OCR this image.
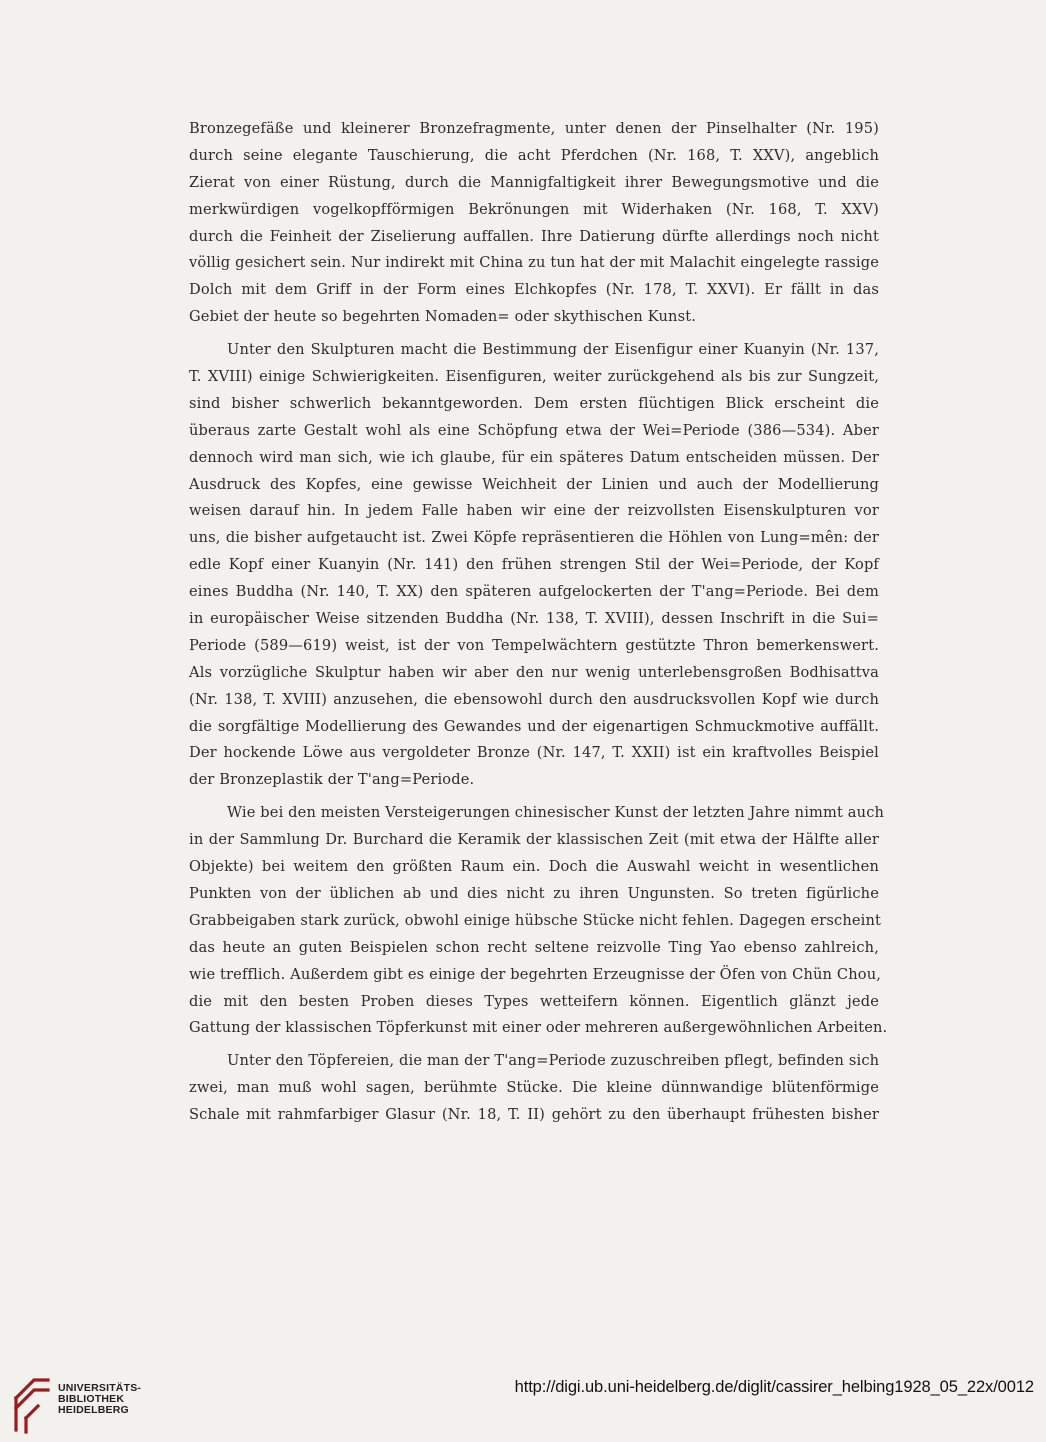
Bronzegefäße und kleinerer Bronzefragmente, unter denen der Pinselhalter (Nr. 195)
durch seine elegante Tauschierung, die acht Pferdchen (Nr. 168, T. XXV), angeblich
Zierat von einer Rüstung, durch die Mannigfaltigkeit ihrer Bewegungsmotive und die
merkwürdigen vogelkopfförmigen Bekrönungen mit Widerhaken (Nr. 168, T. XXV)
durch die Feinheit der Ziselierung auffallen. Ihre Datierung dürfte allerdings noch nicht
völlig gesichert sein. Nur indirekt mit China zu tun hat der mit Malachit eingelegte rassige
Dolch mit dem Griff in der Form eines Elchkopfes (Nr. 178, T. XXVI). Er fällt in das
Gebiet der heute so begehrten Nomaden= oder skythischen Kunst.
Unter den Skulpturen macht die Bestimmung der Eisenfigur einer Kuanyin (Nr. 137,
T. XVIII) einige Schwierigkeiten. Eisenfiguren, weiter zurückgehend als bis zur Sungzeit,
sind bisher schwerlich bekanntgeworden. Dem ersten flüchtigen Blick erscheint die
überaus zarte Gestalt wohl als eine Schöpfung etwa der Wei=Periode (386—534). Aber
dennoch wird man sich, wie ich glaube, für ein späteres Datum entscheiden müssen. Der
Ausdruck des Kopfes, eine gewisse Weichheit der Linien und auch der Modellierung
weisen darauf hin. In jedem Falle haben wir eine der reizvollsten Eisenskulpturen vor
uns, die bisher aufgetaucht ist. Zwei Köpfe repräsentieren die Höhlen von Lung=mên: der
edle Kopf einer Kuanyin (Nr. 141) den frühen strengen Stil der Wei=Periode, der Kopf
eines Buddha (Nr. 140, T. XX) den späteren aufgelockerten der T'ang=Periode. Bei dem
in europäischer Weise sitzenden Buddha (Nr. 138, T. XVIII), dessen Inschrift in die Sui=
Periode (589—619) weist, ist der von Tempelwächtern gestützte Thron bemerkenswert.
Als vorzügliche Skulptur haben wir aber den nur wenig unterlebensgroßen Bodhisattva
(Nr. 138, T. XVIII) anzusehen, die ebensowohl durch den ausdrucksvollen Kopf wie durch
die sorgfältige Modellierung des Gewandes und der eigenartigen Schmuckmotive auffällt.
Der hockende Löwe aus vergoldeter Bronze (Nr. 147, T. XXII) ist ein kraftvolles Beispiel
der Bronzeplastik der T'ang=Periode.
Wie bei den meisten Versteigerungen chinesischer Kunst der letzten Jahre nimmt auch
in der Sammlung Dr. Burchard die Keramik der klassischen Zeit (mit etwa der Hälfte aller
Objekte) bei weitem den größten Raum ein. Doch die Auswahl weicht in wesentlichen
Punkten von der üblichen ab und dies nicht zu ihren Ungunsten. So treten figürliche
Grabbeigaben stark zurück, obwohl einige hübsche Stücke nicht fehlen. Dagegen erscheint
das heute an guten Beispielen schon recht seltene reizvolle Ting Yao ebenso zahlreich,
wie trefflich. Außerdem gibt es einige der begehrten Erzeugnisse der Öfen von Chün Chou,
die mit den besten Proben dieses Types wetteifern können. Eigentlich glänzt jede
Gattung der klassischen Töpferkunst mit einer oder mehreren außergewöhnlichen Arbeiten.
Unter den Töpfereien, die man der T'ang=Periode zuzuschreiben pflegt, befinden sich
zwei, man muß wohl sagen, berühmte Stücke. Die kleine dünnwandige blütenförmige
Schale mit rahmfarbiger Glasur (Nr. 18, T. II) gehört zu den überhaupt frühesten bisher
UNIVERSITÄTS-
BIBLIOTHEK
HEIDELBERG
http://digi.ub.uni-heidelberg.de/diglit/cassirer_helbing1928_05_22x/0012
